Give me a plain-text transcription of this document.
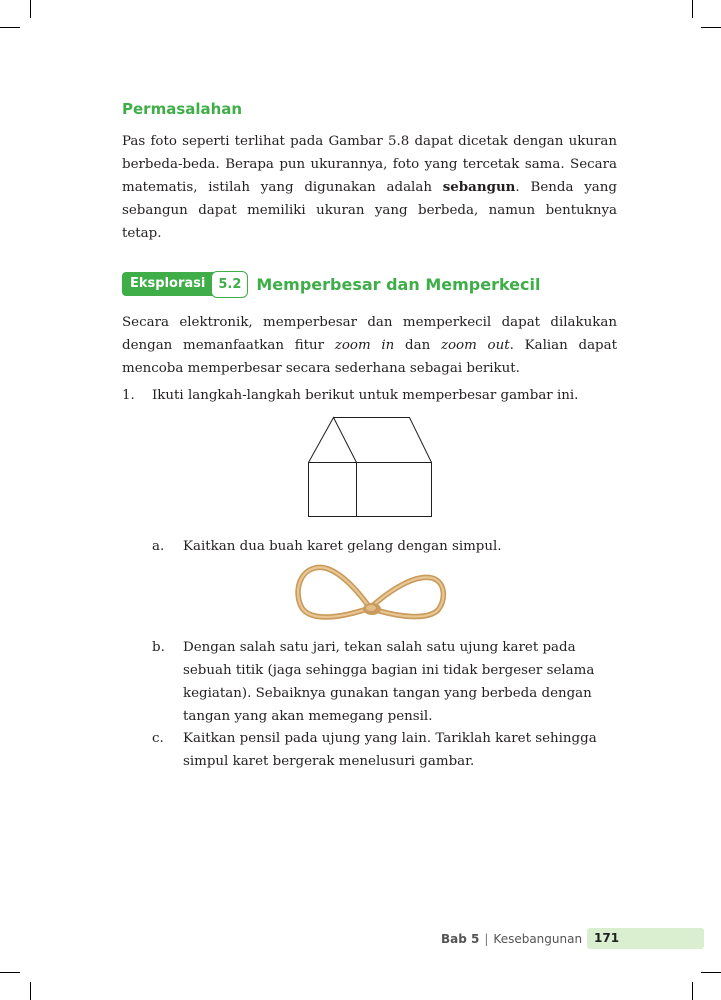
Permasalahan
Pas foto seperti terlihat pada Gambar 5.8 dapat dicetak dengan ukuran berbeda-beda. Berapa pun ukurannya, foto yang tercetak sama. Secara matematis, istilah yang digunakan adalah sebangun. Benda yang sebangun dapat memiliki ukuran yang berbeda, namun bentuknya tetap.
Eksplorasi	5.2 Memperbesar dan Memperkecil
Secara elektronik, memperbesar dan memperkecil dapat dilakukan dengan memanfaatkan fitur zoom in dan zoom out. Kalian dapat mencoba memperbesar secara sederhana sebagai berikut.
1. Ikuti langkah-langkah berikut untuk memperbesar gambar ini.
a. Kaitkan dua buah karet gelang dengan simpul.
b. Dengan salah satu jari, tekan salah satu ujung karet pada sebuah titik (jaga sehingga bagian ini tidak bergeser selama kegiatan). Sebaiknya gunakan tangan yang berbeda dengan tangan yang akan memegang pensil.
c. Kaitkan pensil pada ujung yang lain. Tariklah karet sehingga simpul karet bergerak menelusuri gambar.
Bab 5 | Kesebangunan 171
